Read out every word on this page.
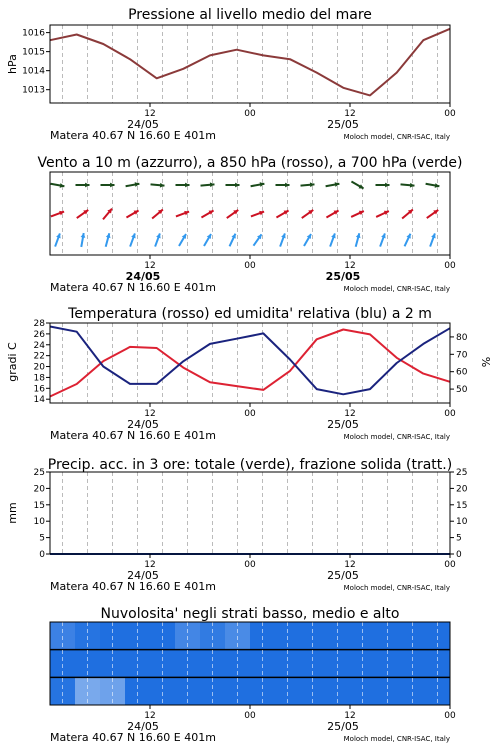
Pressione al livello medio del mare
hPa
1013
1014
1015
1016
12	00	12	00
24/05	25/05
Matera 40.67 N 16.60 E 401m	Moloch model, CNR-ISAC, Italy
Vento a 10 m (azzurro), a 850 hPa (rosso), a 700 hPa (verde)
12	00	12	00
24/05	25/05
Matera 40.67 N 16.60 E 401m	Moloch model, CNR-ISAC, Italy
Temperatura (rosso) ed umidita' relativa (blu) a 2 m
gradi C	%
14
16
18
20
22
24
26
28
50
60
70
80
12	00	12	00
24/05	25/05
Matera 40.67 N 16.60 E 401m	Moloch model, CNR-ISAC, Italy
Precip. acc. in 3 ore: totale (verde), frazione solida (tratt.)
mm
0
5
10
15
20
25
0
5
10
15
20
25
12	00	12	00
24/05	25/05
Matera 40.67 N 16.60 E 401m	Moloch model, CNR-ISAC, Italy
Nuvolosita' negli strati basso, medio e alto
12	00	12	00
24/05	25/05
Matera 40.67 N 16.60 E 401m	Moloch model, CNR-ISAC, Italy
